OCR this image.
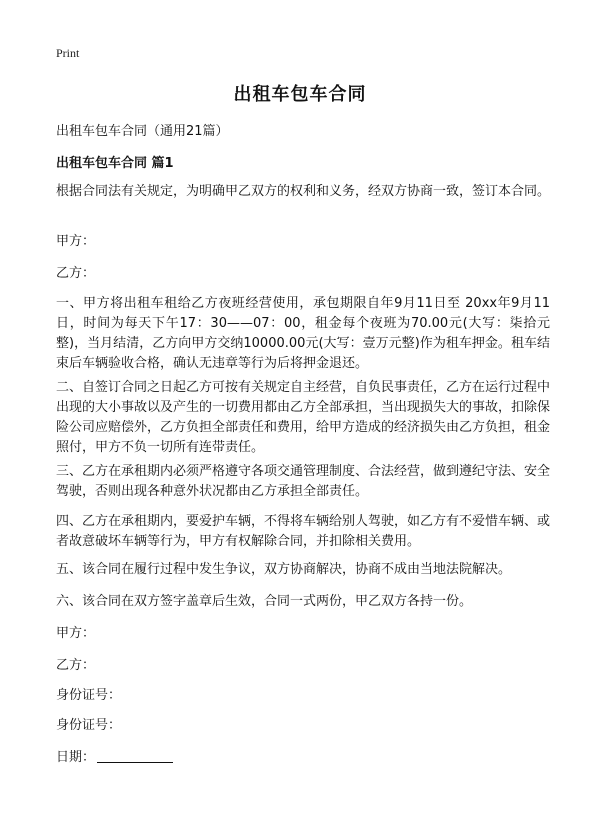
Print
出租车包车合同
出租车包车合同（通用21篇）
出租车包车合同 篇1

根据合同法有关规定，为明确甲乙双方的权利和义务，经双方协商一致，签订本合同。

甲方：
乙方：

一、甲方将出租车租给乙方夜班经营使用，承包期限自年9月11日至 20xx年9月11日，时间为每天下午17：30——07：00，租金每个夜班为70.00元(大写：柒拾元整)，当月结清，乙方向甲方交纳10000.00元(大写：壹万元整)作为租车押金。租车结束后车辆验收合格，确认无违章等行为后将押金退还。

二、自签订合同之日起乙方可按有关规定自主经营，自负民事责任，乙方在运行过程中出现的大小事故以及产生的一切费用都由乙方全部承担，当出现损失大的事故，扣除保险公司应赔偿外，乙方负担全部责任和费用，给甲方造成的经济损失由乙方负担，租金照付，甲方不负一切所有连带责任。

三、乙方在承租期内必须严格遵守各项交通管理制度、合法经营，做到遵纪守法、安全驾驶，否则出现各种意外状况都由乙方承担全部责任。

四、乙方在承租期内，要爱护车辆，不得将车辆给别人驾驶，如乙方有不爱惜车辆、或者故意破坏车辆等行为，甲方有权解除合同，并扣除相关费用。

五、该合同在履行过程中发生争议，双方协商解决，协商不成由当地法院解决。

六、该合同在双方签字盖章后生效，合同一式两份，甲乙双方各持一份。

甲方：
乙方：
身份证号：
身份证号：
日期：
